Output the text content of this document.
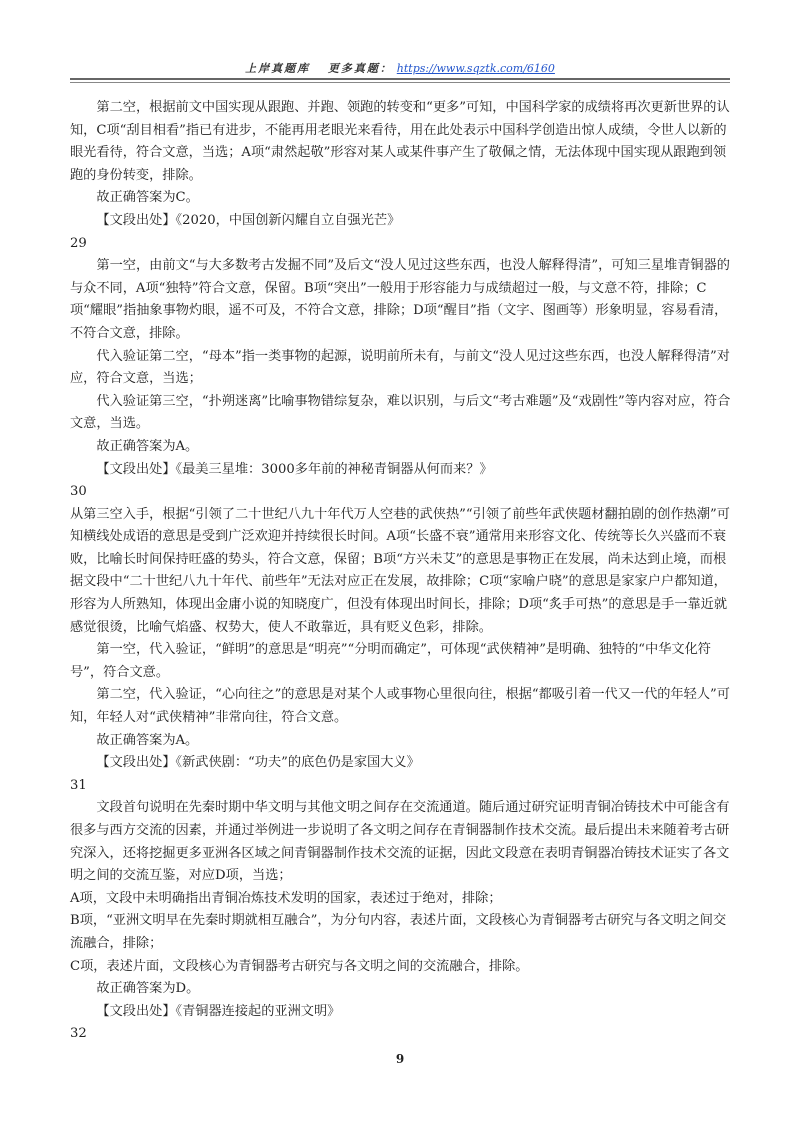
上岸真题库 更多真题： https://www.sqztk.com/6160

第二空，根据前文中国实现从跟跑、并跑、领跑的转变和“更多”可知，中国科学家的成绩将再次更新世界的认知，C项“刮目相看”指已有进步，不能再用老眼光来看待，用在此处表示中国科学创造出惊人成绩，令世人以新的眼光看待，符合文意，当选；A项“肃然起敬”形容对某人或某件事产生了敬佩之情，无法体现中国实现从跟跑到领跑的身份转变，排除。

故正确答案为C。

【文段出处】《2020，中国创新闪耀自立自强光芒》

29

第一空，由前文“与大多数考古发掘不同”及后文“没人见过这些东西，也没人解释得清”，可知三星堆青铜器的与众不同，A项“独特”符合文意，保留。B项“突出”一般用于形容能力与成绩超过一般，与文意不符，排除；C项“耀眼”指抽象事物灼眼，遥不可及，不符合文意，排除；D项“醒目”指（文字、图画等）形象明显，容易看清，不符合文意，排除。

代入验证第二空，“母本”指一类事物的起源，说明前所未有，与前文“没人见过这些东西，也没人解释得清”对应，符合文意，当选；

代入验证第三空，“扑朔迷离”比喻事物错综复杂，难以识别，与后文“考古难题”及“戏剧性”等内容对应，符合文意，当选。

故正确答案为A。

【文段出处】《最美三星堆：3000多年前的神秘青铜器从何而来？》

30

从第三空入手，根据“引领了二十世纪八九十年代万人空巷的武侠热”“引领了前些年武侠题材翻拍剧的创作热潮”可知横线处成语的意思是受到广泛欢迎并持续很长时间。A项“长盛不衰”通常用来形容文化、传统等长久兴盛而不衰败，比喻长时间保持旺盛的势头，符合文意，保留；B项“方兴未艾”的意思是事物正在发展，尚未达到止境，而根据文段中“二十世纪八九十年代、前些年”无法对应正在发展，故排除；C项“家喻户晓”的意思是家家户户都知道，形容为人所熟知，体现出金庸小说的知晓度广，但没有体现出时间长，排除；D项“炙手可热”的意思是手一靠近就感觉很烫，比喻气焰盛、权势大，使人不敢靠近，具有贬义色彩，排除。

第一空，代入验证，“鲜明”的意思是“明亮”“分明而确定”，可体现“武侠精神”是明确、独特的“中华文化符号”，符合文意。

第二空，代入验证，“心向往之”的意思是对某个人或事物心里很向往，根据“都吸引着一代又一代的年轻人”可知，年轻人对“武侠精神”非常向往，符合文意。

故正确答案为A。

【文段出处】《新武侠剧：“功夫”的底色仍是家国大义》

31

文段首句说明在先秦时期中华文明与其他文明之间存在交流通道。随后通过研究证明青铜冶铸技术中可能含有很多与西方交流的因素，并通过举例进一步说明了各文明之间存在青铜器制作技术交流。最后提出未来随着考古研究深入，还将挖掘更多亚洲各区域之间青铜器制作技术交流的证据，因此文段意在表明青铜器冶铸技术证实了各文明之间的交流互鉴，对应D项，当选；

A项，文段中未明确指出青铜冶炼技术发明的国家，表述过于绝对，排除；

B项，“亚洲文明早在先秦时期就相互融合”，为分句内容，表述片面，文段核心为青铜器考古研究与各文明之间交流融合，排除；

C项，表述片面，文段核心为青铜器考古研究与各文明之间的交流融合，排除。

故正确答案为D。

【文段出处】《青铜器连接起的亚洲文明》

32

9
